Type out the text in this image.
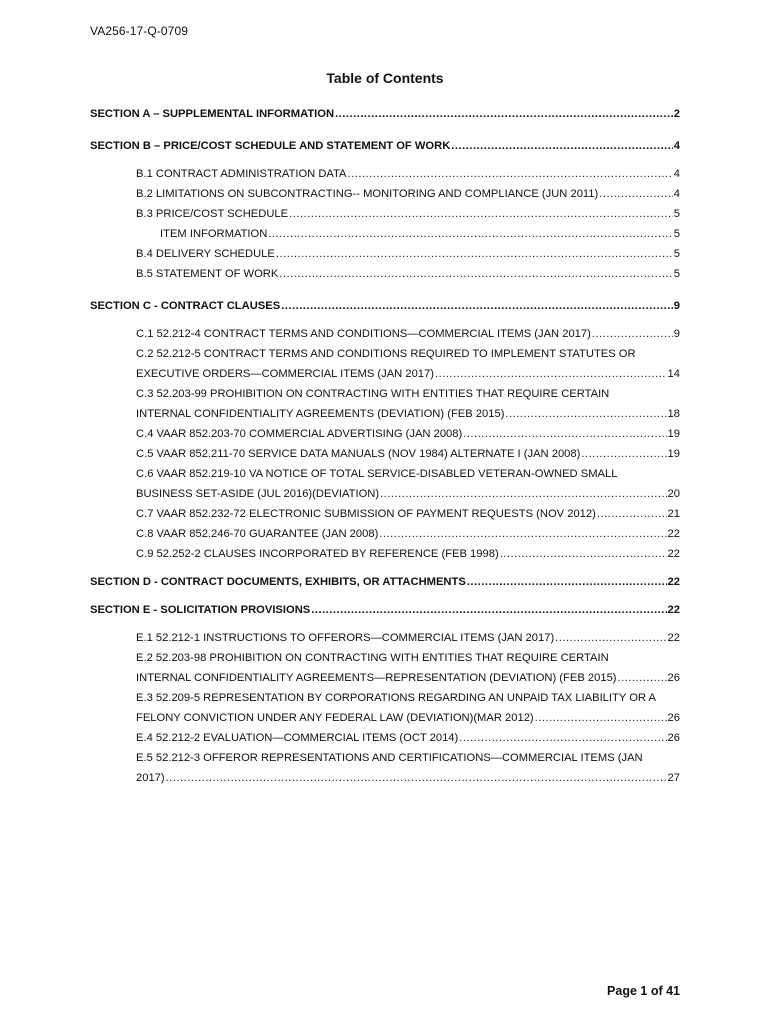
VA256-17-Q-0709
Table of Contents
SECTION A – SUPPLEMENTAL INFORMATION .....	2
SECTION B – PRICE/COST SCHEDULE AND STATEMENT OF WORK .....	4
B.1 CONTRACT ADMINISTRATION DATA .....	4
B.2 LIMITATIONS ON SUBCONTRACTING-- MONITORING AND COMPLIANCE (JUN 2011) .....	4
B.3 PRICE/COST SCHEDULE .....	5
ITEM INFORMATION .....	5
B.4 DELIVERY SCHEDULE .....	5
B.5 STATEMENT OF WORK .....	5
SECTION C - CONTRACT CLAUSES .....	9
C.1 52.212-4 CONTRACT TERMS AND CONDITIONS—COMMERCIAL ITEMS (JAN 2017) .....	9
C.2 52.212-5 CONTRACT TERMS AND CONDITIONS REQUIRED TO IMPLEMENT STATUTES OR
EXECUTIVE ORDERS—COMMERCIAL ITEMS (JAN 2017) .....	14
C.3 52.203-99 PROHIBITION ON CONTRACTING WITH ENTITIES THAT REQUIRE CERTAIN
INTERNAL CONFIDENTIALITY AGREEMENTS (DEVIATION) (FEB 2015) .....	18
C.4 VAAR 852.203-70 COMMERCIAL ADVERTISING (JAN 2008) .....	19
C.5 VAAR 852.211-70 SERVICE DATA MANUALS (NOV 1984) ALTERNATE I (JAN 2008) .....	19
C.6 VAAR 852.219-10 VA NOTICE OF TOTAL SERVICE-DISABLED VETERAN-OWNED SMALL
BUSINESS SET-ASIDE (JUL 2016)(DEVIATION) .....	20
C.7 VAAR 852.232-72 ELECTRONIC SUBMISSION OF PAYMENT REQUESTS (NOV 2012) .....	21
C.8 VAAR 852.246-70 GUARANTEE (JAN 2008) .....	22
C.9 52.252-2 CLAUSES INCORPORATED BY REFERENCE (FEB 1998) .....	22
SECTION D - CONTRACT DOCUMENTS, EXHIBITS, OR ATTACHMENTS .....	22
SECTION E - SOLICITATION PROVISIONS .....	22
E.1 52.212-1 INSTRUCTIONS TO OFFERORS—COMMERCIAL ITEMS (JAN 2017) .....	22
E.2 52.203-98 PROHIBITION ON CONTRACTING WITH ENTITIES THAT REQUIRE CERTAIN
INTERNAL CONFIDENTIALITY AGREEMENTS—REPRESENTATION (DEVIATION) (FEB 2015) .....	26
E.3 52.209-5 REPRESENTATION BY CORPORATIONS REGARDING AN UNPAID TAX LIABILITY OR A
FELONY CONVICTION UNDER ANY FEDERAL LAW (DEVIATION)(MAR 2012) .....	26
E.4 52.212-2 EVALUATION—COMMERCIAL ITEMS (OCT 2014) .....	26
E.5 52.212-3 OFFEROR REPRESENTATIONS AND CERTIFICATIONS—COMMERCIAL ITEMS (JAN
2017) .....	27
Page 1 of 41
